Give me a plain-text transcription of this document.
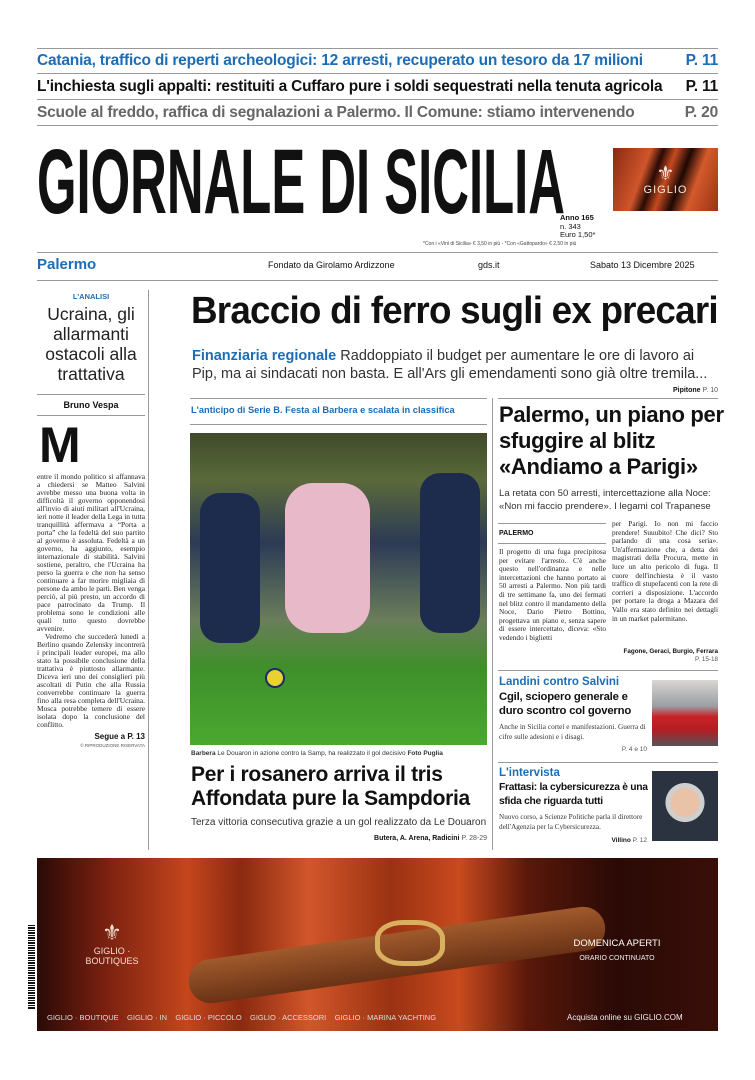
Catania, traffico di reperti archeologici: 12 arresti, recuperato un tesoro da 17 milioni	P. 11
L'inchiesta sugli appalti: restituiti a Cuffaro pure i soldi sequestrati nella tenuta agricola P. 11
Scuole al freddo, raffica di segnalazioni a Palermo. Il Comune: stiamo intervenendo	P. 20
GIORNALE DI SICILIA	⚜
GIGLIO
Anno 165
n. 343
Euro 1,50*
*Con i «Vini di Sicilia» € 3,50 in più - *Con «Gattopardo» € 2,50 in più
Palermo	Fondato da Girolamo Ardizzone	gds.it	Sabato 13 Dicembre 2025
L'ANALISI
Ucraina, gli allarmanti ostacoli alla trattativa
Bruno Vespa
M

entre il mondo politico si affannava a chiedersi se Matteo Salvini avrebbe messo una buona volta in difficoltà il governo opponendosi all'invio di aiuti militari all'Ucraina, ieri notte il leader della Lega in tutta tranquillità affermava a “Porta a porta” che la fedeltà del suo partito al governo è assoluta. Fedeltà a un governo, ha aggiunto, esempio internazionale di stabilità. Salvini sostiene, peraltro, che l'Ucraina ha perso la guerra e che non ha senso continuare a far morire migliaia di persone da ambo le parti. Ben venga perciò, al più presto, un accordo di pace patrocinato da Trump. Il problema sono le condizioni alle quali tutto questo dovrebbe avvenire.

Vedremo che succederà lunedì a Berlino quando Zelensky incontrerà i principali leader europei, ma allo stato la possibile conclusione della trattativa è piuttosto allarmante. Diceva ieri uno dei consiglieri più ascoltati di Putin che alla Russia converrebbe continuare la guerra fino alla resa completa dell'Ucraina. Mosca potrebbe temere di essere isolata dopo la conclusione del conflitto.

Segue a P. 13
© RIPRODUZIONE RISERVATA
Braccio di ferro sugli ex precari
Finanziaria regionale Raddoppiato il budget per aumentare le ore di lavoro ai Pip, ma ai sindacati non basta. E all'Ars gli emendamenti sono già oltre tremila...
Pipitone P. 10
L'anticipo di Serie B. Festa al Barbera e scalata in classifica
Barbera Le Douaron in azione contro la Samp, ha realizzato il gol decisivo Foto Puglia
Per i rosanero arriva il tris Affondata pure la Sampdoria
Terza vittoria consecutiva grazie a un gol realizzato da Le Douaron
Butera, A. Arena, Radicini P. 28-29
Palermo, un piano per sfuggire al blitz «Andiamo a Parigi»
La retata con 50 arresti, intercettazione alla Noce: «Non mi faccio prendere». I legami col Trapanese
PALERMO

Il progetto di una fuga precipitosa per evitare l'arresto. C'è anche questo nell'ordinanza e nelle intercettazioni che hanno portato ai 50 arresti a Palermo. Non più tardi di tre settimane fa, uno dei fermati nel blitz contro il mandamento della Noce, Dario Pietro Bottino, progettava un piano e, senza sapere di essere intercettato, diceva: «Sto vedendo i biglietti

per Parigi. Io non mi faccio prendere! Suuubito! Che dici? Sto parlando di una cosa seria». Un'affermazione che, a detta dei magistrati della Procura, mette in luce un alto pericolo di fuga. Il cuore dell'inchiesta è il vasto traffico di stupefacenti con la rete di corrieri a disposizione. L'accordo per portare la droga a Mazara del Vallo era stato definito nei dettagli in un market palermitano.

Fagone, Geraci, Burgio, Ferrara
P. 15-18
Landini contro Salvini
Cgil, sciopero generale e duro scontro col governo
Anche in Sicilia cortei e manifestazioni. Guerra di cifre sulle adesioni e i disagi.
P. 4 e 10
L'intervista
Frattasi: la cybersicurezza è una sfida che riguarda tutti
Nuovo corso, a Scienze Politiche parla il direttore dell'Agenzia per la Cybersicurezza.
Villino P. 12
⚜
GIGLIO · BOUTIQUES
DOMENICA APERTI
ORARIO CONTINUATO
GIGLIO · BOUTIQUE GIGLIO · IN GIGLIO · PICCOLO GIGLIO · ACCESSORI GIGLIO · MARINA YACHTING	Acquista online su GIGLIO.COM
